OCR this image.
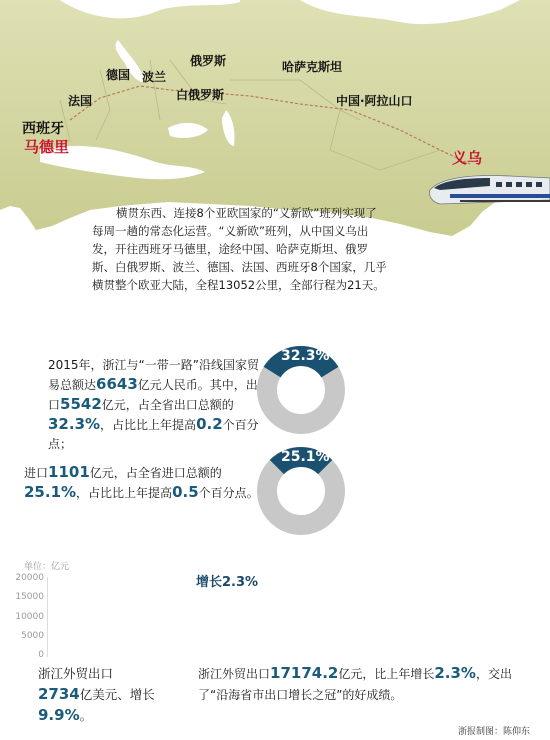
德国 波兰
俄罗斯	哈萨克斯坦
法国	白俄罗斯	中国·阿拉山口
西班牙
马德里
义乌

横贯东西、连接8个亚欧国家的“义新欧”班列实现了每周一趟的常态化运营。“义新欧”班列，从中国义乌出发，开往西班牙马德里，途经中国、哈萨克斯坦、俄罗斯、白俄罗斯、波兰、德国、法国、西班牙8个国家，几乎横贯整个欧亚大陆，全程13052公里，全部行程为21天。

2015年，浙江与“一带一路”沿线国家贸易总额达6643亿元人民币。其中，出口5542亿元，占全省出口总额的32.3%，占比比上年提高0.2个百分点；
32.3%
进口1101亿元，占全省进口总额的25.1%，占比比上年提高0.5个百分点。
25.1%
单位：亿元
20000
15000
10000
5000
0
增长2.3%
浙江外贸出口
2734亿美元、增长
9.9%。
浙江外贸出口17174.2亿元，比上年增长2.3%，交出了“沿海省市出口增长之冠”的好成绩。
浙报制图：陈仰东
